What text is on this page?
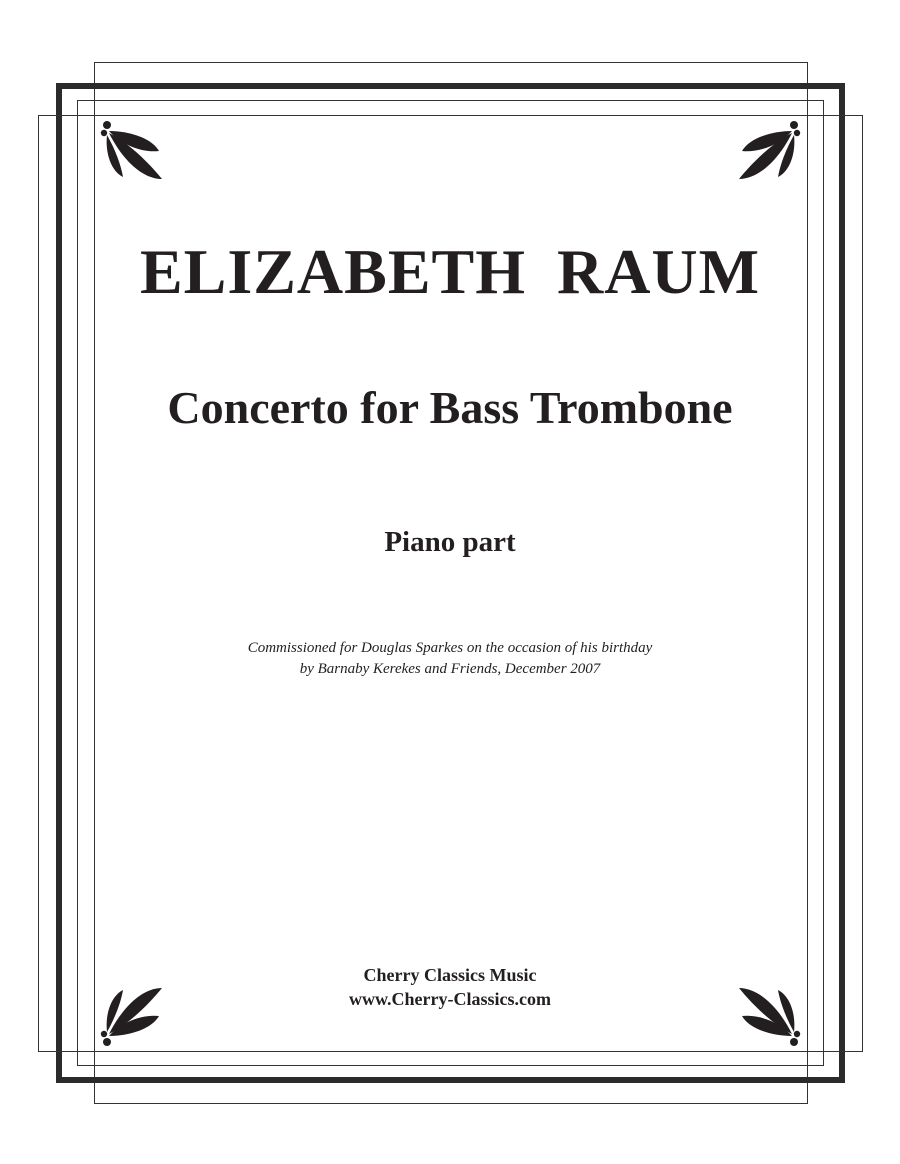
ELIZABETH RAUM
Concerto for Bass Trombone
Piano part
Commissioned for Douglas Sparkes on the occasion of his birthday
by Barnaby Kerekes and Friends, December 2007
Cherry Classics Music
www.Cherry-Classics.com
